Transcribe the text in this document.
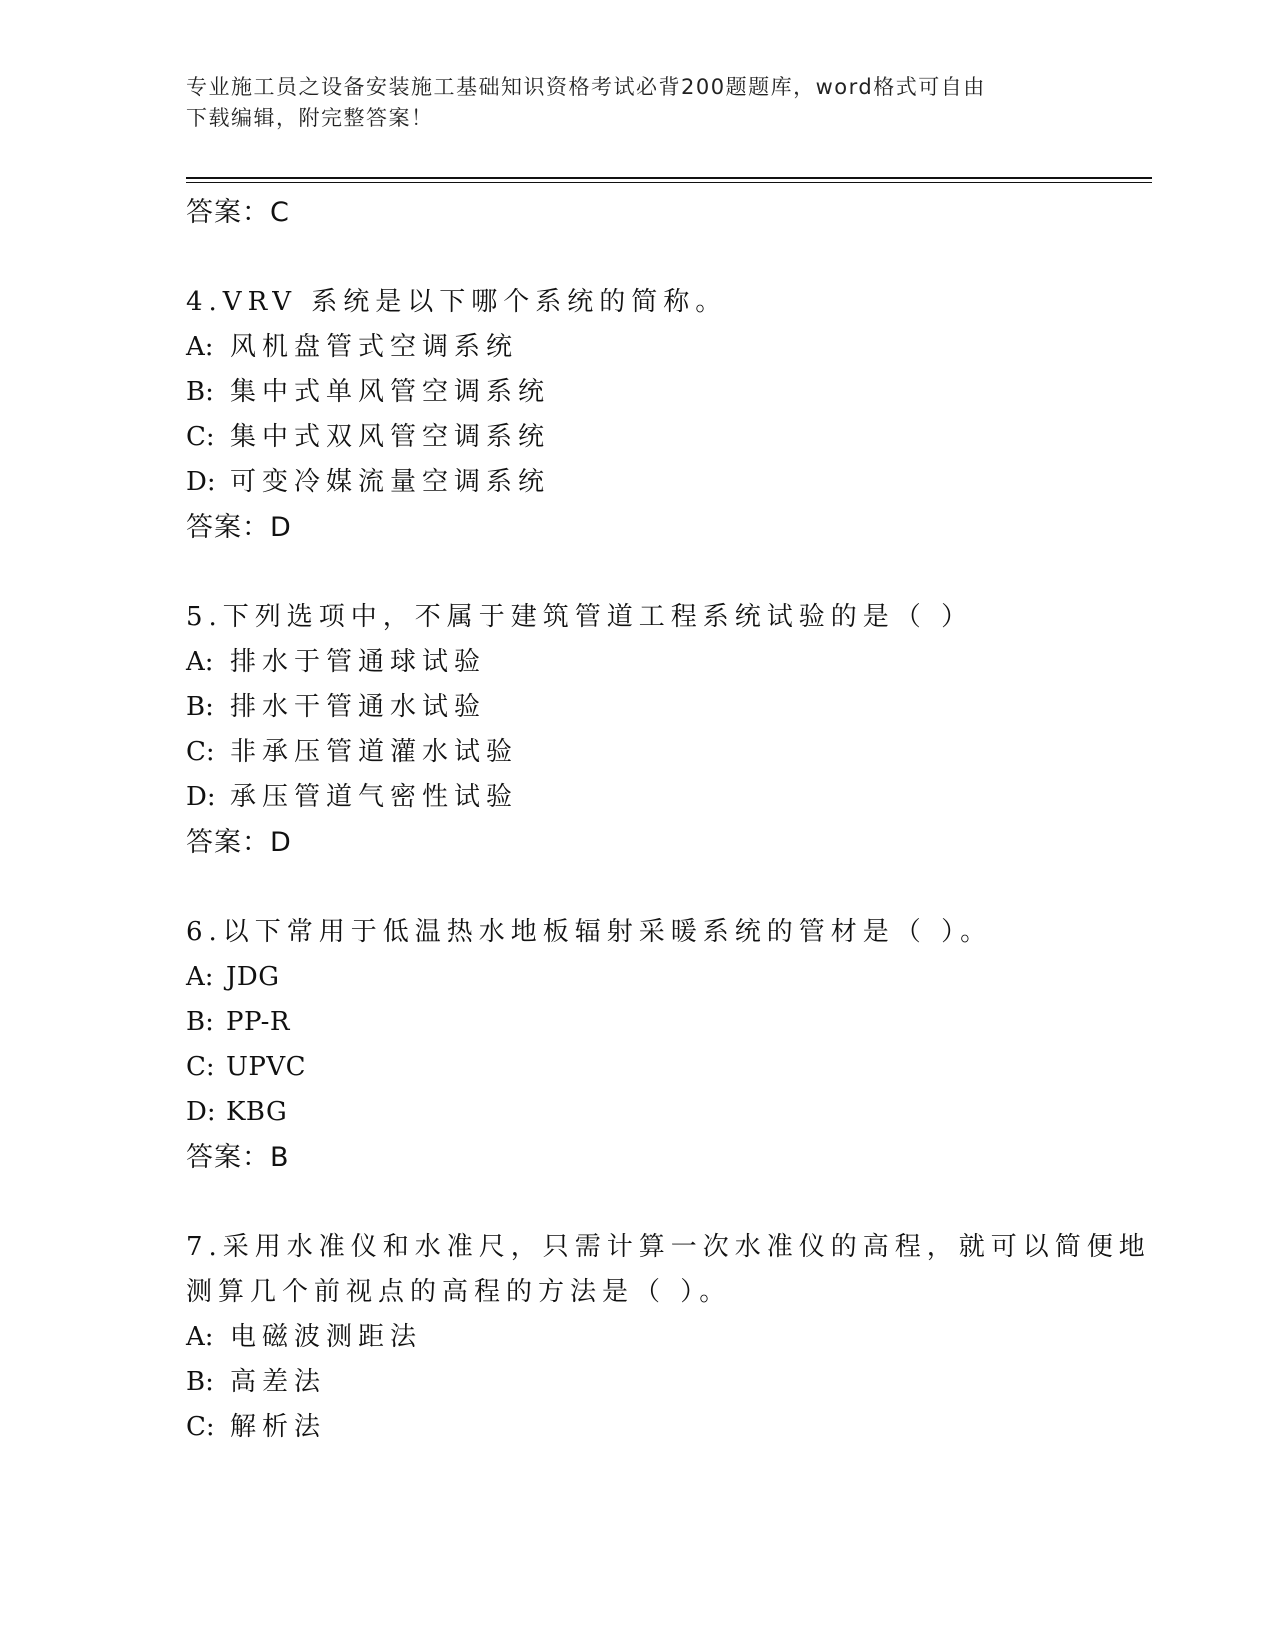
专业施工员之设备安装施工基础知识资格考试必背200题题库，word格式可自由
下载编辑，附完整答案！
答案：C
4.VRV 系统是以下哪个系统的简称。
A: 风机盘管式空调系统
B: 集中式单风管空调系统
C: 集中式双风管空调系统
D: 可变冷媒流量空调系统
答案：D
5.下列选项中，不属于建筑管道工程系统试验的是（ ）
A: 排水于管通球试验
B: 排水干管通水试验
C: 非承压管道灌水试验
D: 承压管道气密性试验
答案：D
6.以下常用于低温热水地板辐射采暖系统的管材是（ ）。
A: JDG
B: PP-R
C: UPVC
D: KBG
答案：B
7.采用水准仪和水准尺，只需计算一次水准仪的高程，就可以简便地
测算几个前视点的高程的方法是（ ）。
A: 电磁波测距法
B: 高差法
C: 解析法
